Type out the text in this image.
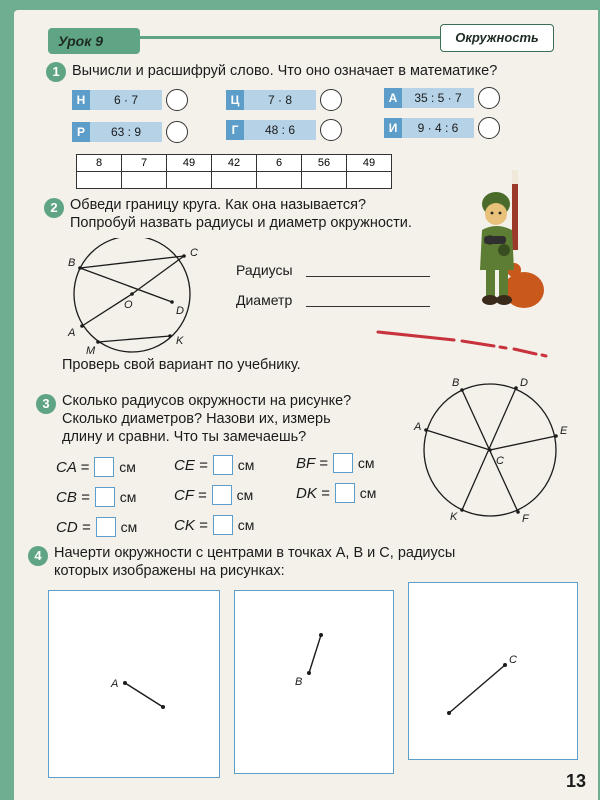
Урок 9	Окружность
1 Вычисли и расшифруй слово. Что оно означает в математике?
Н	6 · 7	Ц	7 · 8	А	35 : 5 · 7
Р	63 : 9	Г	48 : 6	И	9 · 4 : 6
8	7	49	42	6	56	49

2 Обведи границу круга. Как она называется?
Попробуй назвать радиусы и диаметр окружности.
B
C
O	D
A
M
K
Радиусы
Диаметр
Проверь свой вариант по учебнику.
3 Сколько радиусов окружности на рисунке?
Сколько диаметров? Назови их, измерь
длину и сравни. Что ты замечаешь?
B	D
A	E
C
K	F
CA = см	CE = см	BF = см
CB = см	CF = см	DK = см
CD = см CK = см
4 Начерти окружности с центрами в точках A, B и C, радиусы
которых изображены на рисунках:
A	B
C
13
